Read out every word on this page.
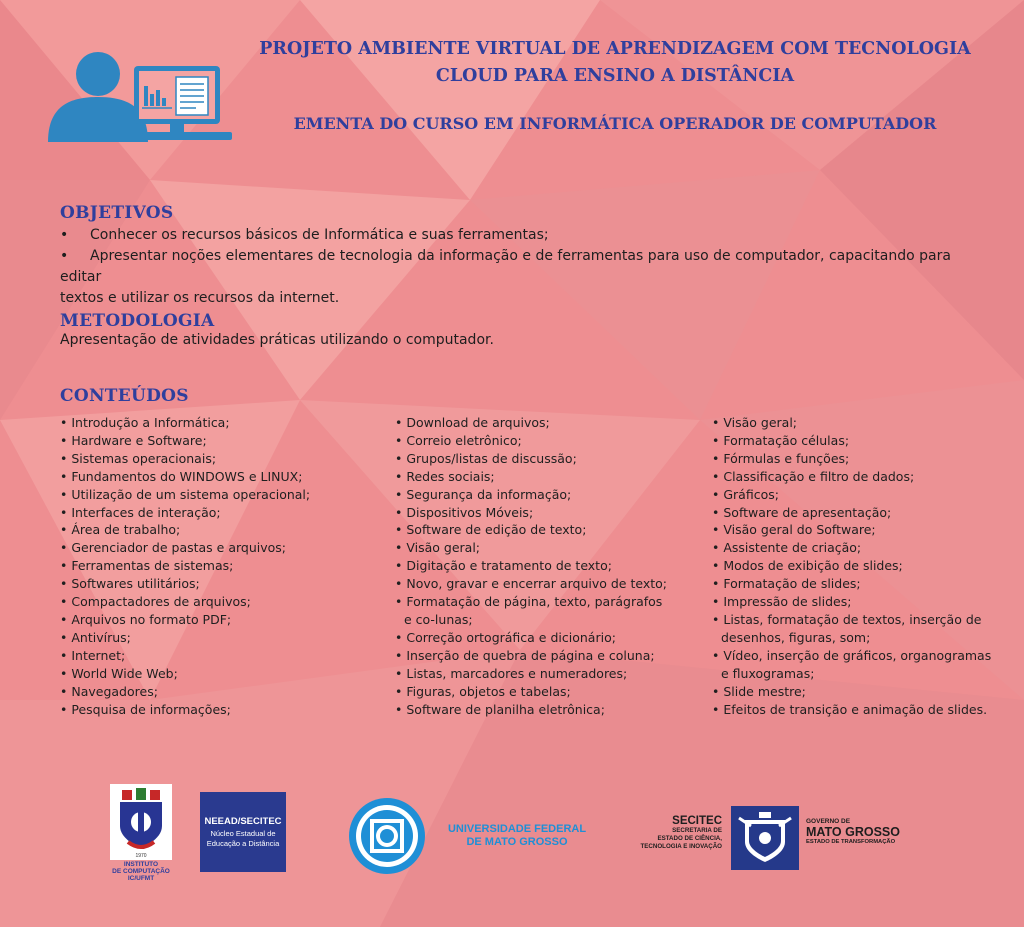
PROJETO AMBIENTE VIRTUAL DE APRENDIZAGEM COM TECNOLOGIA
CLOUD PARA ENSINO A DISTÂNCIA
EMENTA DO CURSO EM INFORMÁTICA OPERADOR DE COMPUTADOR
OBJETIVOS
• Conhecer os recursos básicos de Informática e suas ferramentas;
• Apresentar noções elementares de tecnologia da informação e de ferramentas para uso de computador, capacitando para editar
textos e utilizar os recursos da internet.
METODOLOGIA
Apresentação de atividades práticas utilizando o computador.
CONTEÚDOS
• Introdução a Informática;
• Hardware e Software;
• Sistemas operacionais;
• Fundamentos do WINDOWS e LINUX;
• Utilização de um sistema operacional;
• Interfaces de interação;
• Área de trabalho;
• Gerenciador de pastas e arquivos;
• Ferramentas de sistemas;
• Softwares utilitários;
• Compactadores de arquivos;
• Arquivos no formato PDF;
• Antivírus;
• Internet;
• World Wide Web;
• Navegadores;
• Pesquisa de informações;
• Download de arquivos;
• Correio eletrônico;
• Grupos/listas de discussão;
• Redes sociais;
• Segurança da informação;
• Dispositivos Móveis;
• Software de edição de texto;
• Visão geral;
• Digitação e tratamento de texto;
• Novo, gravar e encerrar arquivo de texto;
• Formatação de página, texto, parágrafos e co-lunas;
• Correção ortográfica e dicionário;
• Inserção de quebra de página e coluna;
• Listas, marcadores e numeradores;
• Figuras, objetos e tabelas;
• Software de planilha eletrônica;
• Visão geral;
• Formatação células;
• Fórmulas e funções;
• Classificação e filtro de dados;
• Gráficos;
• Software de apresentação;
• Visão geral do Software;
• Assistente de criação;
• Modos de exibição de slides;
• Formatação de slides;
• Impressão de slides;
• Listas, formatação de textos, inserção de desenhos, figuras, som;
• Vídeo, inserção de gráficos, organogramas e fluxogramas;
• Slide mestre;
• Efeitos de transição e animação de slides.
1970
INSTITUTO
DE COMPUTAÇÃO
IC/UFMT
NEEAD/SECITEC
Núcleo Estadual de
Educação a Distância
UNIVERSIDADE FEDERAL
DE MATO GROSSO
SECITEC
SECRETARIA DE
ESTADO DE CIÊNCIA,
TECNOLOGIA E INOVAÇÃO
GOVERNO DE
MATO GROSSO
ESTADO DE TRANSFORMAÇÃO
